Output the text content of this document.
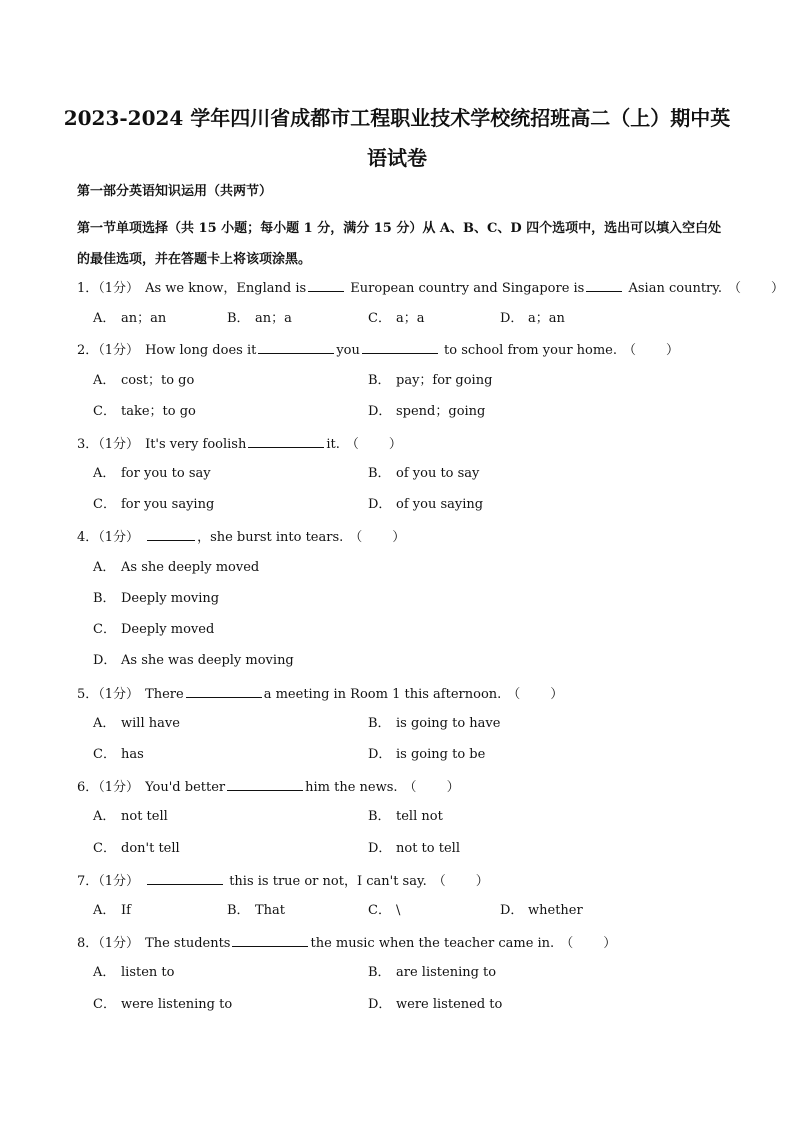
2023-2024 学年四川省成都市工程职业技术学校统招班高二（上）期中英
语试卷

第一部分英语知识运用（共两节）

第一节单项选择（共 15 小题；每小题 1 分，满分 15 分）从 A、B、C、D 四个选项中，选出可以填入空白处的最佳选项，并在答题卡上将该项涂黑。

1．（1分） As we know，England is	European country and Singapore is	Asian country. （ ）
A． an；an	B． an；a	C． a；a	D． a；an
2．（1分） How long does it	you	to school from your home. （ ）
A． cost；to go	B． pay；for going
C． take；to go	D． spend；going
3．（1分） It's very foolish	it. （ ）
A． for you to say	B． of you to say
C． for you saying	D． of you saying
4．（1分）	，she burst into tears. （ ）
A． As she deeply moved
B． Deeply moving
C． Deeply moved
D． As she was deeply moving
5．（1分） There	a meeting in Room 1 this afternoon. （ ）
A． will have	B． is going to have
C． has	D． is going to be
6．（1分） You'd better	him the news. （ ）
A． not tell	B． tell not
C． don't tell	D． not to tell
7．（1分）	this is true or not，I can't say. （ ）
A． If	B． That	C． \	D． whether
8．（1分） The students	the music when the teacher came in. （ ）
A． listen to	B． are listening to
C． were listening to	D． were listened to
